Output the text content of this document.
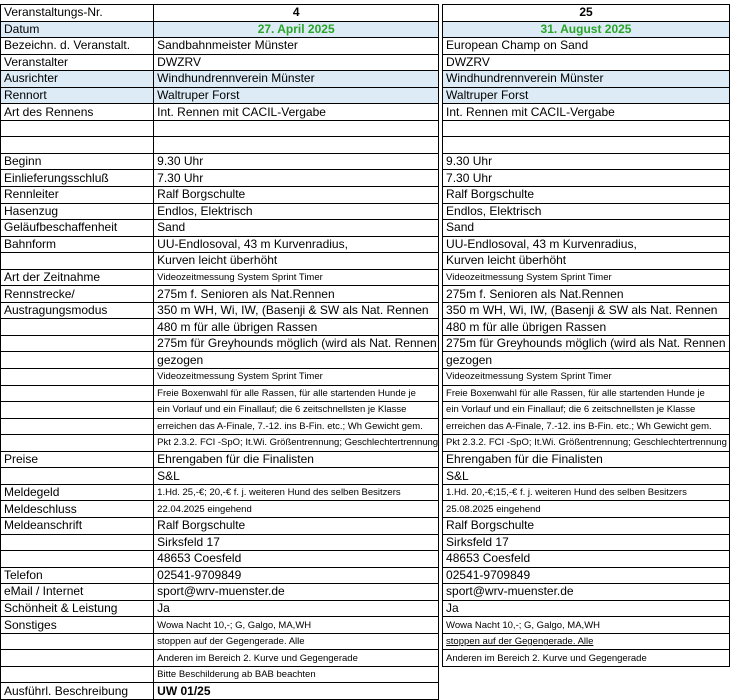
Veranstaltungs-Nr.	4		25
Datum	27. April 2025		31. August 2025
Bezeichn. d. Veranstalt.	Sandbahnmeister Münster		European Champ on Sand
Veranstalter	DWZRV		DWZRV
Ausrichter	Windhundrennverein Münster		Windhundrennverein Münster
Rennort	Waltruper Forst		Waltruper Forst
Art des Rennens	Int. Rennen mit CACIL-Vergabe		Int. Rennen mit CACIL-Vergabe

Beginn	9.30 Uhr		9.30 Uhr
Einlieferungsschluß	7.30 Uhr		7.30 Uhr
Rennleiter	Ralf Borgschulte		Ralf Borgschulte
Hasenzug	Endlos, Elektrisch		Endlos, Elektrisch
Geläufbeschaffenheit	Sand		Sand
Bahnform	UU-Endlosoval, 43 m Kurvenradius,		UU-Endlosoval, 43 m Kurvenradius,
	Kurven leicht überhöht		Kurven leicht überhöht
Art der Zeitnahme	Videozeitmessung System Sprint Timer		Videozeitmessung System Sprint Timer
Rennstrecke/	275m f. Senioren als Nat.Rennen		275m f. Senioren als Nat.Rennen
Austragungsmodus	350 m WH, Wi, IW, (Basenji & SW als Nat. Rennen		350 m WH, Wi, IW, (Basenji & SW als Nat. Rennen
	480 m für alle übrigen Rassen		480 m für alle übrigen Rassen
	275m für Greyhounds möglich (wird als Nat. Rennen		275m für Greyhounds möglich (wird als Nat. Rennen
	gezogen		gezogen
	Videozeitmessung System Sprint Timer		Videozeitmessung System Sprint Timer
	Freie Boxenwahl für alle Rassen, für alle startenden Hunde je		Freie Boxenwahl für alle Rassen, für alle startenden Hunde je
	ein Vorlauf und ein Finallauf; die 6 zeitschnellsten je Klasse		ein Vorlauf und ein Finallauf; die 6 zeitschnellsten je Klasse
	erreichen das A-Finale, 7.-12. ins B-Fin. etc.; Wh Gewicht gem.		erreichen das A-Finale, 7.-12. ins B-Fin. etc.; Wh Gewicht gem.
	Pkt 2.3.2. FCI -SpO; It.Wi. Größentrennung; Geschlechtertrennung		Pkt 2.3.2. FCI -SpO; It.Wi. Größentrennung; Geschlechtertrennung
Preise	Ehrengaben für die Finalisten		Ehrengaben für die Finalisten
	S&L		S&L
Meldegeld	1.Hd. 25,-€; 20,-€ f. j. weiteren Hund des selben Besitzers		1.Hd. 20,-€;15,-€ f. j. weiteren Hund des selben Besitzers
Meldeschluss	22.04.2025 eingehend		25.08.2025 eingehend
Meldeanschrift	Ralf Borgschulte		Ralf Borgschulte
	Sirksfeld 17		Sirksfeld 17
	48653 Coesfeld		48653 Coesfeld
Telefon	02541-9709849		02541-9709849
eMail / Internet	sport@wrv-muenster.de		sport@wrv-muenster.de
Schönheit & Leistung	Ja		Ja
Sonstiges	Wowa Nacht 10,-; G, Galgo, MA,WH		Wowa Nacht 10,-; G, Galgo, MA,WH
	stoppen auf der Gegengerade. Alle		stoppen auf der Gegengerade. Alle
	Anderen im Bereich 2. Kurve und Gegengerade		Anderen im Bereich 2. Kurve und Gegengerade
	Bitte Beschilderung ab BAB beachten		
Ausführl. Beschreibung	UW 01/25		
